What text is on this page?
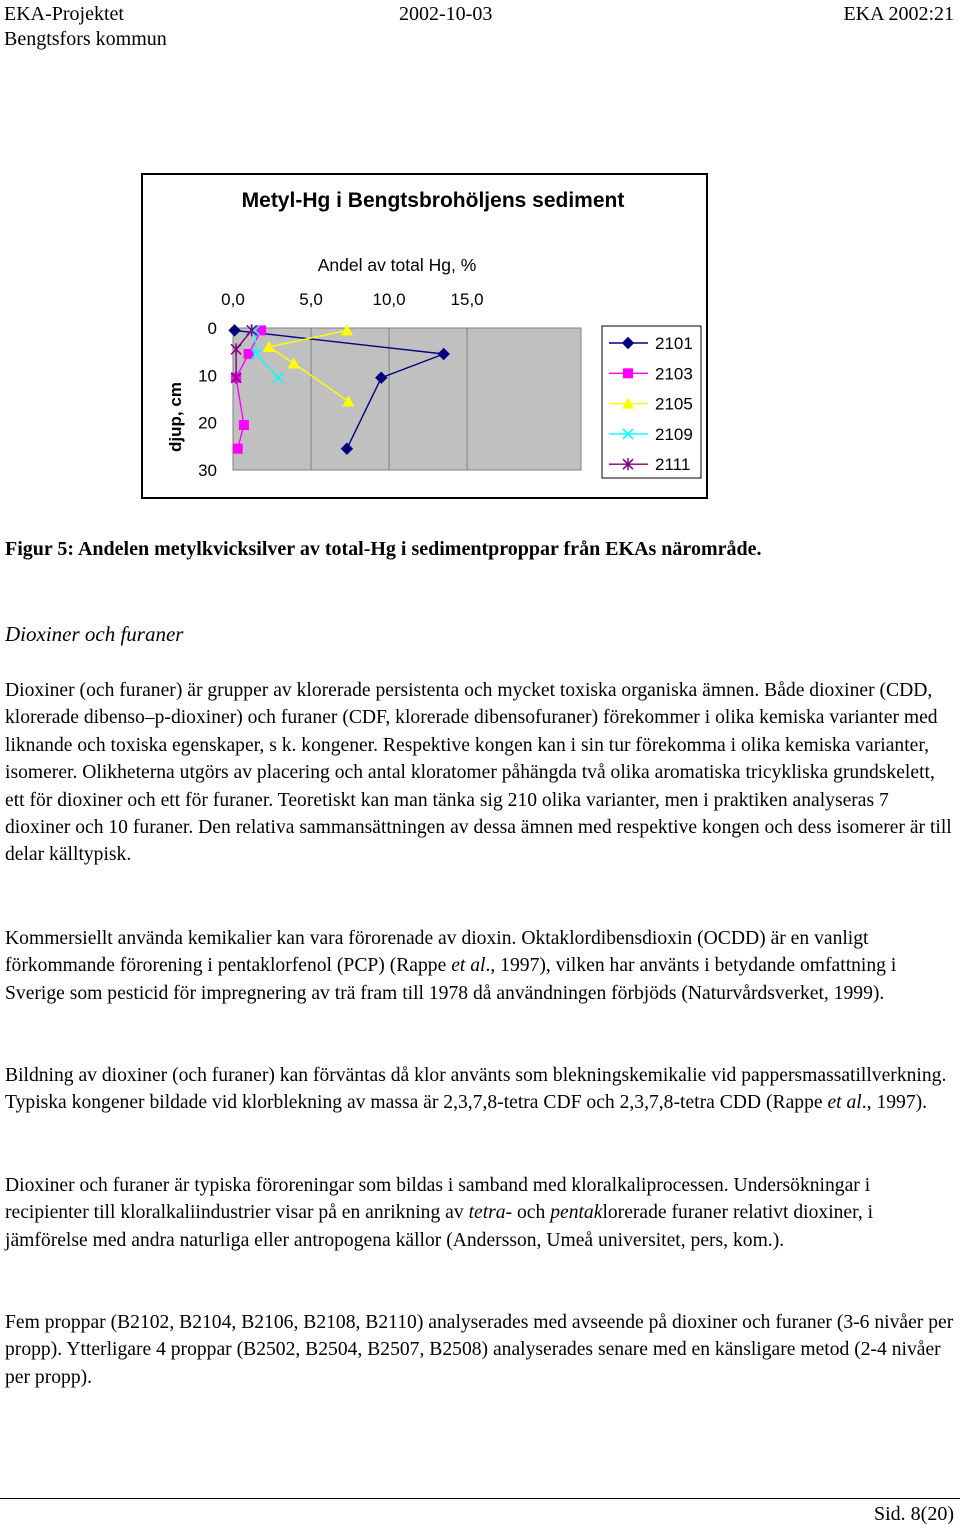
EKA-Projektet
Bengtsfors kommun
2002-10-03	EKA 2002:21
Metyl-Hg i Bengtsbrohöljens sediment
Andel av total Hg, %
djup, cm
0,0	5,0	10,0	15,0
0
10
20
30
2101
2103
2105
2109
2111
Figur 5: Andelen metylkvicksilver av total-Hg i sedimentproppar från EKAs närområde.
Dioxiner och furaner

Dioxiner (och furaner) är grupper av klorerade persistenta och mycket toxiska organiska ämnen. Både dioxiner (CDD, klorerade dibenso–p-dioxiner) och furaner (CDF, klorerade dibensofuraner) förekommer i olika kemiska varianter med liknande och toxiska egenskaper, s k. kongener. Respektive kongen kan i sin tur förekomma i olika kemiska varianter, isomerer. Olikheterna utgörs av placering och antal kloratomer påhängda två olika aromatiska tricykliska grundskelett, ett för dioxiner och ett för furaner. Teoretiskt kan man tänka sig 210 olika varianter, men i praktiken analyseras 7 dioxiner och 10 furaner. Den relativa sammansättningen av dessa ämnen med respektive kongen och dess isomerer är till delar källtypisk.

Kommersiellt använda kemikalier kan vara förorenade av dioxin. Oktaklordibensdioxin (OCDD) är en vanligt förkommande förorening i pentaklorfenol (PCP) (Rappe et al., 1997), vilken har använts i betydande omfattning i Sverige som pesticid för impregnering av trä fram till 1978 då användningen förbjöds (Naturvårdsverket, 1999).

Bildning av dioxiner (och furaner) kan förväntas då klor använts som blekningskemikalie vid pappersmassatillverkning. Typiska kongener bildade vid klorblekning av massa är 2,3,7,8-tetra CDF och 2,3,7,8-tetra CDD (Rappe et al., 1997).

Dioxiner och furaner är typiska föroreningar som bildas i samband med kloralkaliprocessen. Undersökningar i recipienter till kloralkaliindustrier visar på en anrikning av tetra- och pentaklorerade furaner relativt dioxiner, i jämförelse med andra naturliga eller antropogena källor (Andersson, Umeå universitet, pers, kom.).

Fem proppar (B2102, B2104, B2106, B2108, B2110) analyserades med avseende på dioxiner och furaner (3-6 nivåer per propp). Ytterligare 4 proppar (B2502, B2504, B2507, B2508) analyserades senare med en känsligare metod (2-4 nivåer per propp).

Sid. 8(20)
